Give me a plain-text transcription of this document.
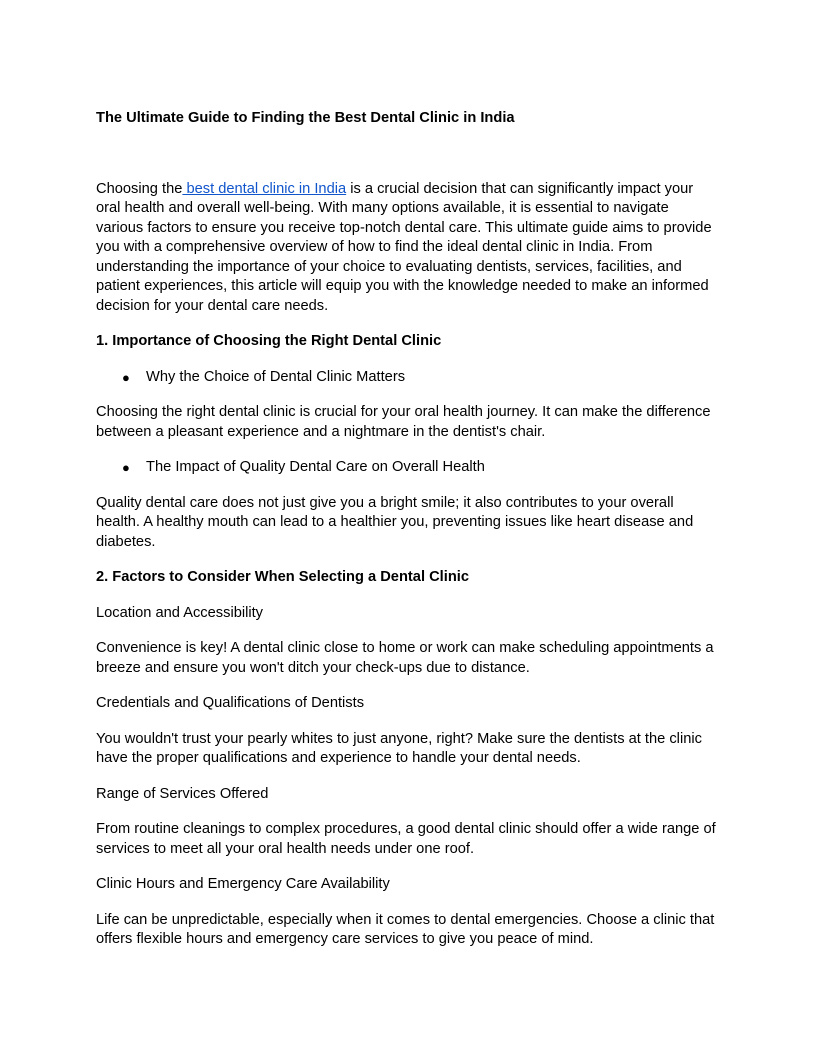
The Ultimate Guide to Finding the Best Dental Clinic in India

Choosing the best dental clinic in India is a crucial decision that can significantly impact your oral health and overall well-being. With many options available, it is essential to navigate various factors to ensure you receive top-notch dental care. This ultimate guide aims to provide you with a comprehensive overview of how to find the ideal dental clinic in India. From understanding the importance of your choice to evaluating dentists, services, facilities, and patient experiences, this article will equip you with the knowledge needed to make an informed decision for your dental care needs.

1. Importance of Choosing the Right Dental Clinic
● Why the Choice of Dental Clinic Matters

Choosing the right dental clinic is crucial for your oral health journey. It can make the difference between a pleasant experience and a nightmare in the dentist's chair.

● The Impact of Quality Dental Care on Overall Health

Quality dental care does not just give you a bright smile; it also contributes to your overall health. A healthy mouth can lead to a healthier you, preventing issues like heart disease and diabetes.

2. Factors to Consider When Selecting a Dental Clinic
Location and Accessibility

Convenience is key! A dental clinic close to home or work can make scheduling appointments a breeze and ensure you won't ditch your check-ups due to distance.

Credentials and Qualifications of Dentists

You wouldn't trust your pearly whites to just anyone, right? Make sure the dentists at the clinic have the proper qualifications and experience to handle your dental needs.

Range of Services Offered

From routine cleanings to complex procedures, a good dental clinic should offer a wide range of services to meet all your oral health needs under one roof.

Clinic Hours and Emergency Care Availability

Life can be unpredictable, especially when it comes to dental emergencies. Choose a clinic that offers flexible hours and emergency care services to give you peace of mind.
